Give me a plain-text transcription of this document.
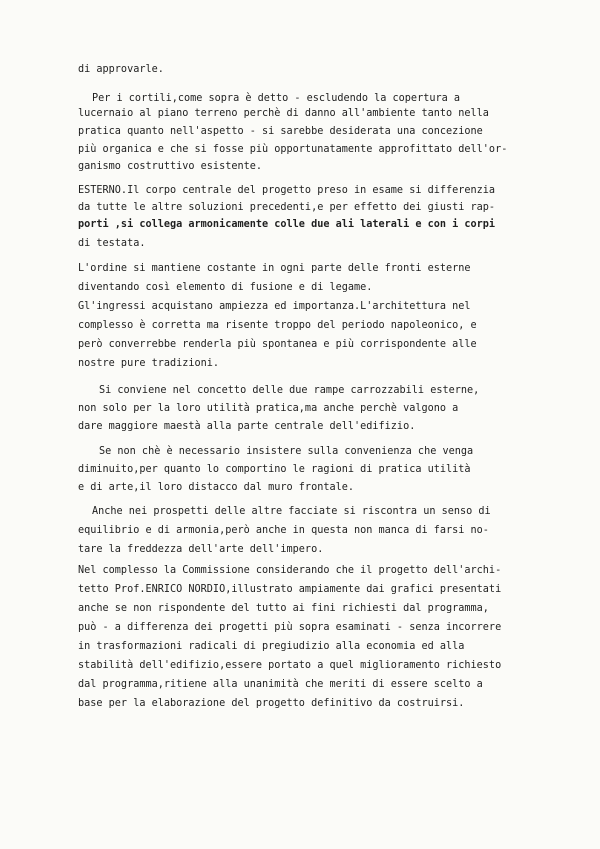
di approvarle.
Per i cortili,come sopra è detto - escludendo la copertura a
lucernaio al piano terreno perchè di danno all'ambiente tanto nella
pratica quanto nell'aspetto - si sarebbe desiderata una concezione
più organica e che si fosse più opportunatamente approfittato dell'or-
ganismo costruttivo esistente.
ESTERNO.Il corpo centrale del progetto preso in esame si differenzia
da tutte le altre soluzioni precedenti,e per effetto dei giusti rap-
porti ,si collega armonicamente colle due ali laterali e con i corpi
di testata.
L'ordine si mantiene costante in ogni parte delle fronti esterne
diventando così elemento di fusione e di legame.
Gl'ingressi acquistano ampiezza ed importanza.L'architettura nel
complesso è corretta ma risente troppo del periodo napoleonico, e
però converrebbe renderla più spontanea e più corrispondente alle
nostre pure tradizioni.
Si conviene nel concetto delle due rampe carrozzabili esterne,
non solo per la loro utilità pratica,ma anche perchè valgono a
dare maggiore maestà alla parte centrale dell'edifizio.
Se non chè è necessario insistere sulla convenienza che venga
diminuito,per quanto lo comportino le ragioni di pratica utilità
e di arte,il loro distacco dal muro frontale.
Anche nei prospetti delle altre facciate si riscontra un senso di
equilibrio e di armonia,però anche in questa non manca di farsi no-
tare la freddezza dell'arte dell'impero.
Nel complesso la Commissione considerando che il progetto dell'archi-
tetto Prof.ENRICO NORDIO,illustrato ampiamente dai grafici presentati
anche se non rispondente del tutto ai fini richiesti dal programma,
può - a differenza dei progetti più sopra esaminati - senza incorrere
in trasformazioni radicali di pregiudizio alla economia ed alla
stabilità dell'edifizio,essere portato a quel miglioramento richiesto
dal programma,ritiene alla unanimità che meriti di essere scelto a
base per la elaborazione del progetto definitivo da costruirsi.
